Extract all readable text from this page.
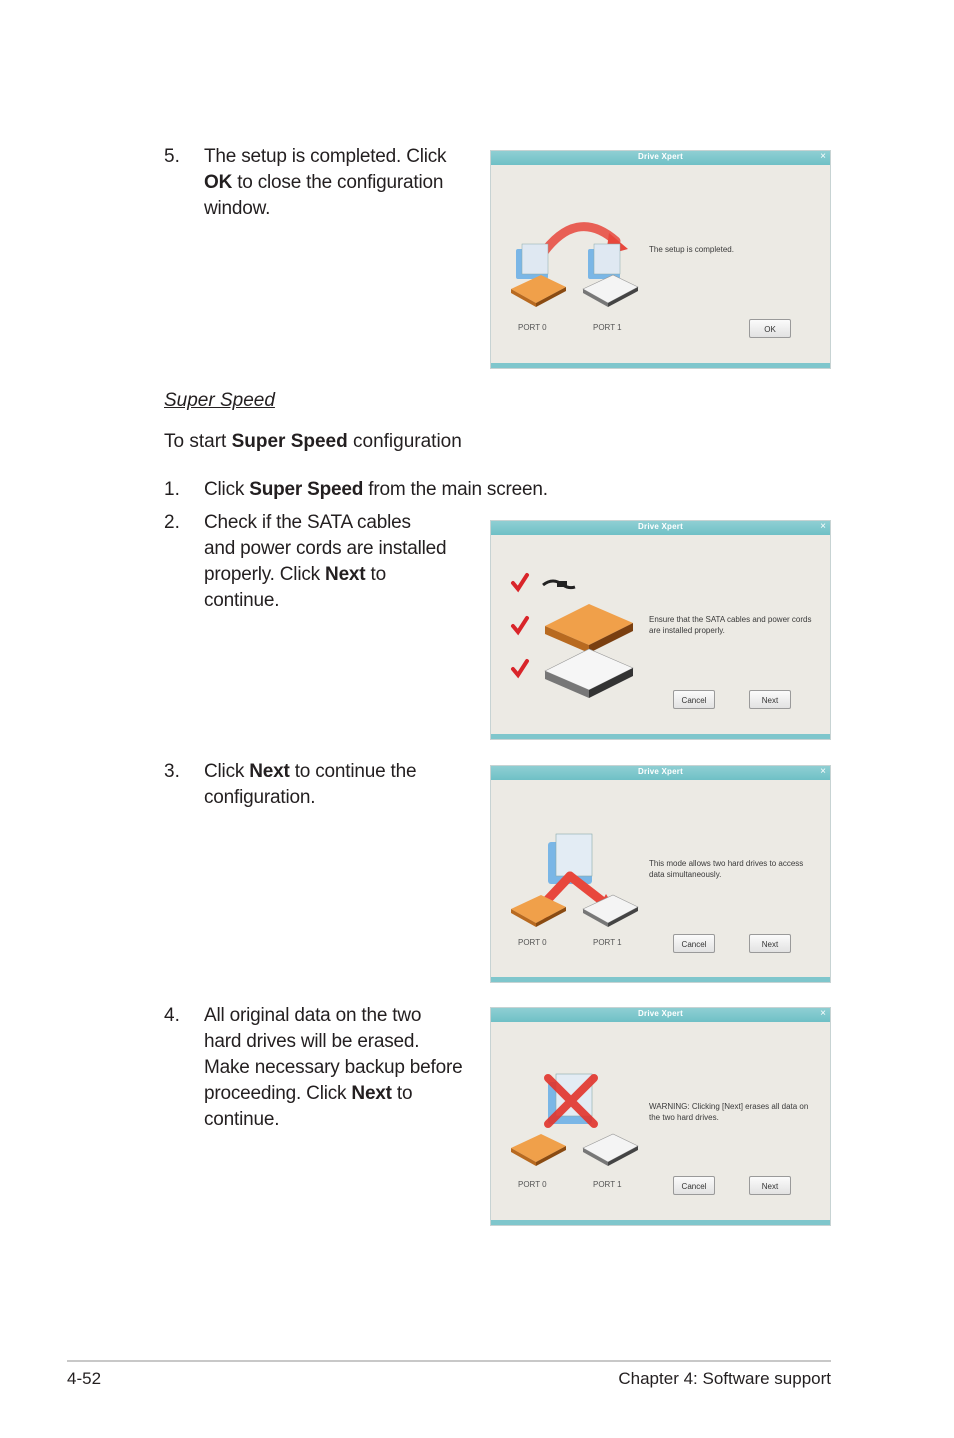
5. The setup is completed. Click
OK to close the configuration
window.
Drive Xpert	×
The setup is completed.
PORT 0	PORT 1	OK
Super Speed
To start Super Speed configuration
1. Click Super Speed from the main screen.
2. Check if the SATA cables
and power cords are installed
properly. Click Next to
continue.
Drive Xpert	×
Ensure that the SATA cables and power cords
are installed properly.
Cancel	Next
3. Click Next to continue the
configuration.
Drive Xpert	×
This mode allows two hard drives to access
data simultaneously.
PORT 0	PORT 1	Cancel	Next
4. All original data on the two
hard drives will be erased.
Make necessary backup before
proceeding. Click Next to
continue.
Drive Xpert	×
WARNING: Clicking [Next] erases all data on
the two hard drives.
PORT 0	PORT 1	Cancel	Next
4-52	Chapter 4: Software support
